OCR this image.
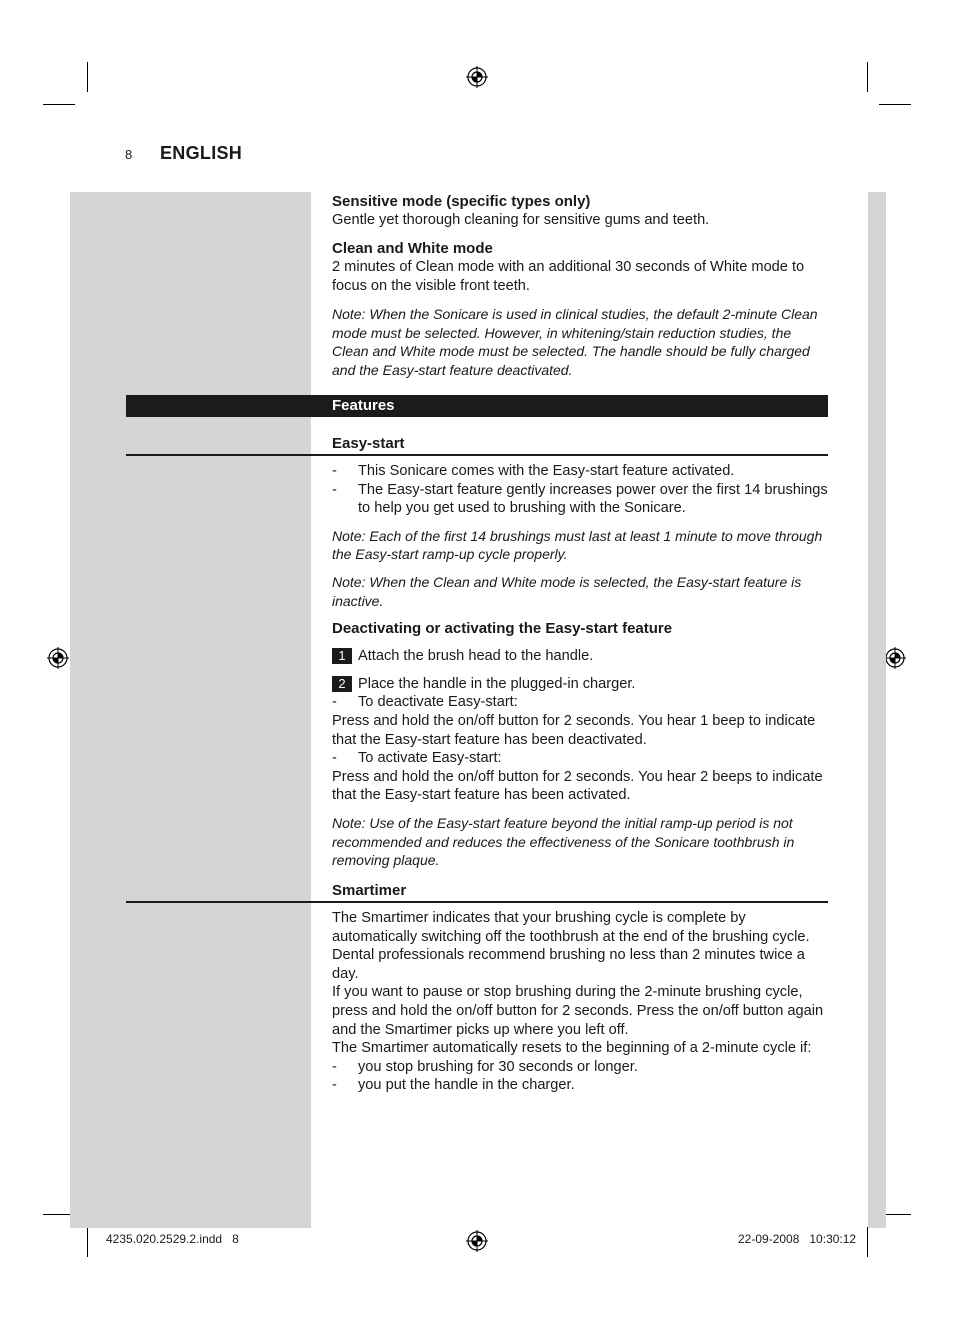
8 ENGLISH

Sensitive mode (specific types only)

Gentle yet thorough cleaning for sensitive gums and teeth.

Clean and White mode

2 minutes of Clean mode with an additional 30 seconds of White mode to focus on the visible front teeth.

Note: When the Sonicare is used in clinical studies, the default 2-minute Clean mode must be selected. However, in whitening/stain reduction studies, the Clean and White mode must be selected. The handle should be fully charged and the Easy-start feature deactivated.

Features

Easy-start

-	This Sonicare comes with the Easy-start feature activated.
-	The Easy-start feature gently increases power over the first 14 brushings to help you get used to brushing with the Sonicare.

Note: Each of the first 14 brushings must last at least 1 minute to move through the Easy-start ramp-up cycle properly.

Note: When the Clean and White mode is selected, the Easy-start feature is inactive.

Deactivating or activating the Easy-start feature

1 Attach the brush head to the handle.
2 Place the handle in the plugged-in charger.
-	To deactivate Easy-start:

Press and hold the on/off button for 2 seconds. You hear 1 beep to indicate that the Easy-start feature has been deactivated.

-	To activate Easy-start:

Press and hold the on/off button for 2 seconds. You hear 2 beeps to indicate that the Easy-start feature has been activated.

Note: Use of the Easy-start feature beyond the initial ramp-up period is not recommended and reduces the effectiveness of the Sonicare toothbrush in removing plaque.

Smartimer

The Smartimer indicates that your brushing cycle is complete by automatically switching off the toothbrush at the end of the brushing cycle. Dental professionals recommend brushing no less than 2 minutes twice a day.

If you want to pause or stop brushing during the 2-minute brushing cycle, press and hold the on/off button for 2 seconds. Press the on/off button again and the Smartimer picks up where you left off.

The Smartimer automatically resets to the beginning of a 2-minute cycle if:

-	you stop brushing for 30 seconds or longer.
-	you put the handle in the charger.
4235.020.2529.2.indd   8	22-09-2008   10:30:12
